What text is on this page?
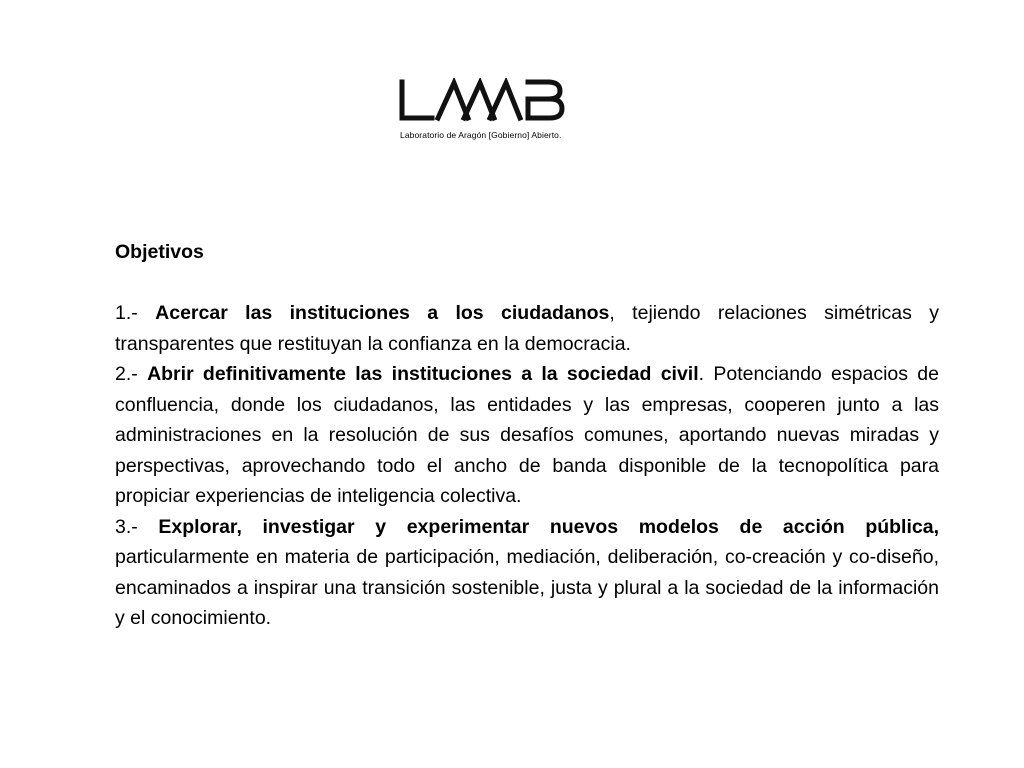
Laboratorio de Aragón [Gobierno] Abierto.

Objetivos

1.- Acercar las instituciones a los ciudadanos, tejiendo relaciones simétricas y transparentes que restituyan la confianza en la democracia.

2.- Abrir definitivamente las instituciones a la sociedad civil. Potenciando espacios de confluencia, donde los ciudadanos, las entidades y las empresas, cooperen junto a las administraciones en la resolución de sus desafíos comunes, aportando nuevas miradas y perspectivas, aprovechando todo el ancho de banda disponible de la tecnopolítica para propiciar experiencias de inteligencia colectiva.

3.- Explorar, investigar y experimentar nuevos modelos de acción pública, particularmente en materia de participación, mediación, deliberación, co-creación y co-diseño, encaminados a inspirar una transición sostenible, justa y plural a la sociedad de la información y el conocimiento.
